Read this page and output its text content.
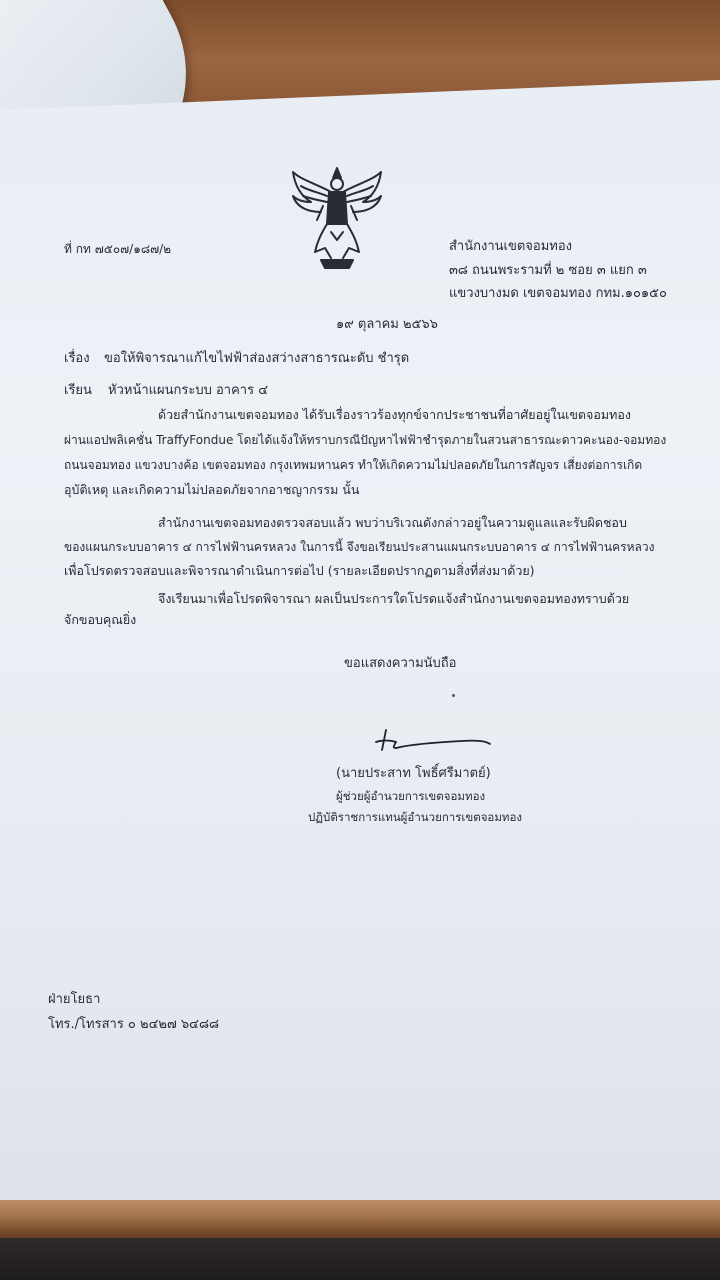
ที่ กท ๗๕๐๗/๑๘๗/๒	สำนักงานเขตจอมทอง
๓๘ ถนนพระรามที่ ๒ ซอย ๓ แยก ๓
แขวงบางมด เขตจอมทอง กทม.๑๐๑๕๐
๑๙ ตุลาคม ๒๕๖๖
เรื่อง ขอให้พิจารณาแก้ไขไฟฟ้าส่องสว่างสาธารณะดับ ชำรุด
เรียน หัวหน้าแผนกระบบ อาคาร ๔
ด้วยสำนักงานเขตจอมทอง ได้รับเรื่องราวร้องทุกข์จากประชาชนที่อาศัยอยู่ในเขตจอมทอง
ผ่านแอปพลิเคชั่น TraffyFondue โดยได้แจ้งให้ทราบกรณีปัญหาไฟฟ้าชำรุดภายในสวนสาธารณะดาวคะนอง-จอมทอง
ถนนจอมทอง แขวงบางค้อ เขตจอมทอง กรุงเทพมหานคร ทำให้เกิดความไม่ปลอดภัยในการสัญจร เสี่ยงต่อการเกิด
อุบัติเหตุ และเกิดความไม่ปลอดภัยจากอาชญากรรม นั้น
สำนักงานเขตจอมทองตรวจสอบแล้ว พบว่าบริเวณดังกล่าวอยู่ในความดูแลและรับผิดชอบ
ของแผนกระบบอาคาร ๔ การไฟฟ้านครหลวง ในการนี้ จึงขอเรียนประสานแผนกระบบอาคาร ๔ การไฟฟ้านครหลวง
เพื่อโปรดตรวจสอบและพิจารณาดำเนินการต่อไป (รายละเอียดปรากฏตามสิ่งที่ส่งมาด้วย)
จึงเรียนมาเพื่อโปรดพิจารณา ผลเป็นประการใดโปรดแจ้งสำนักงานเขตจอมทองทราบด้วย
จักขอบคุณยิ่ง
ขอแสดงความนับถือ
(นายประสาท โพธิ์ศรีมาตย์)
ผู้ช่วยผู้อำนวยการเขตจอมทอง
ปฏิบัติราชการแทนผู้อำนวยการเขตจอมทอง
ฝ่ายโยธา
โทร./โทรสาร ๐ ๒๔๒๗ ๖๔๘๘
